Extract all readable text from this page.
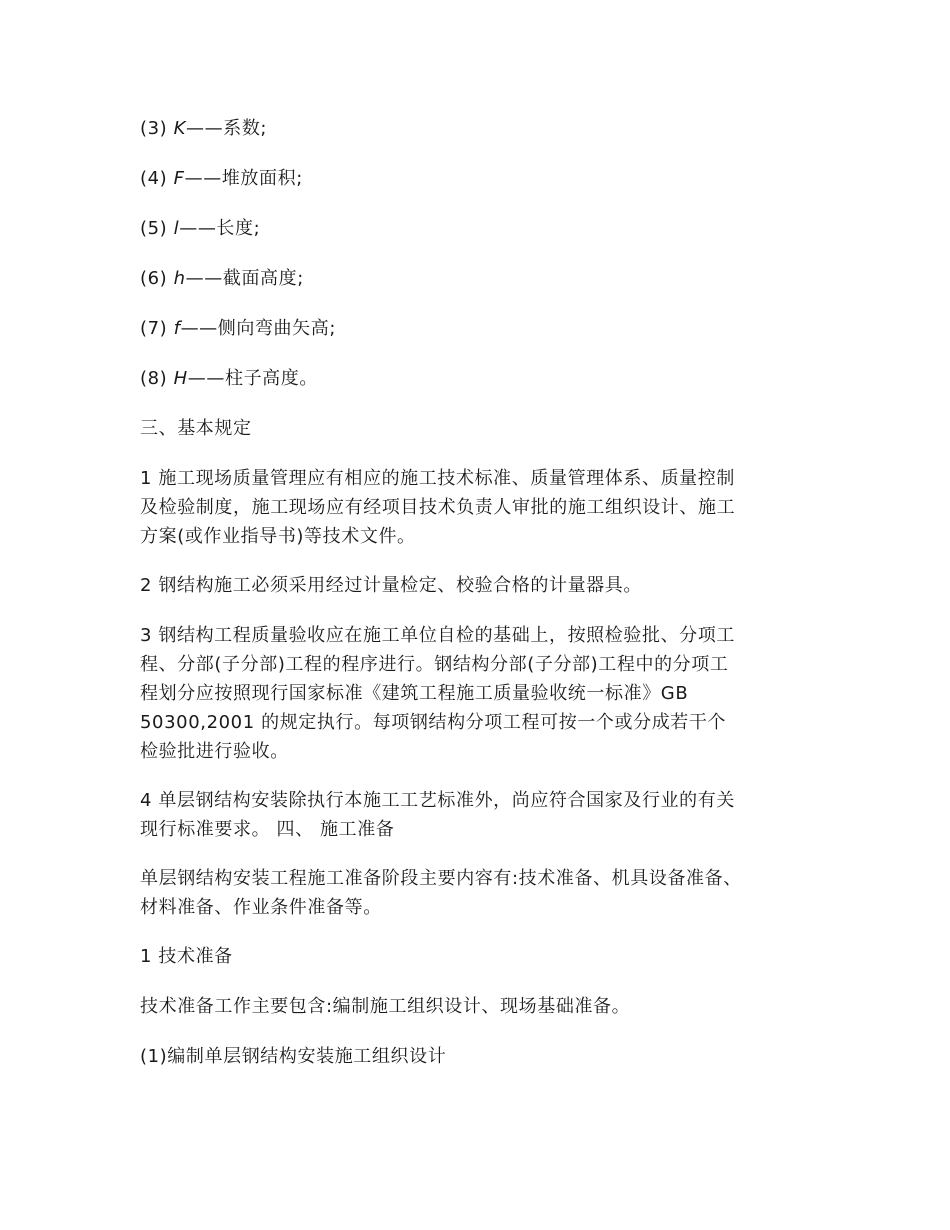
(3) K——系数;

(4) F——堆放面积;

(5) l——长度;

(6) h——截面高度;

(7) f——侧向弯曲矢高;

(8) H——柱子高度。

三、基本规定

1 施工现场质量管理应有相应的施工技术标准、质量管理体系、质量控制
及检验制度，施工现场应有经项目技术负责人审批的施工组织设计、施工
方案(或作业指导书)等技术文件。

2 钢结构施工必须采用经过计量检定、校验合格的计量器具。

3 钢结构工程质量验收应在施工单位自检的基础上，按照检验批、分项工
程、分部(子分部)工程的程序进行。钢结构分部(子分部)工程中的分项工
程划分应按照现行国家标准《建筑工程施工质量验收统一标准》GB
50300,2001 的规定执行。每项钢结构分项工程可按一个或分成若干个
检验批进行验收。

4 单层钢结构安装除执行本施工工艺标准外，尚应符合国家及行业的有关
现行标准要求。 四、 施工准备

单层钢结构安装工程施工准备阶段主要内容有:技术准备、机具设备准备、
材料准备、作业条件准备等。

1 技术准备

技术准备工作主要包含:编制施工组织设计、现场基础准备。

(1)编制单层钢结构安装施工组织设计
